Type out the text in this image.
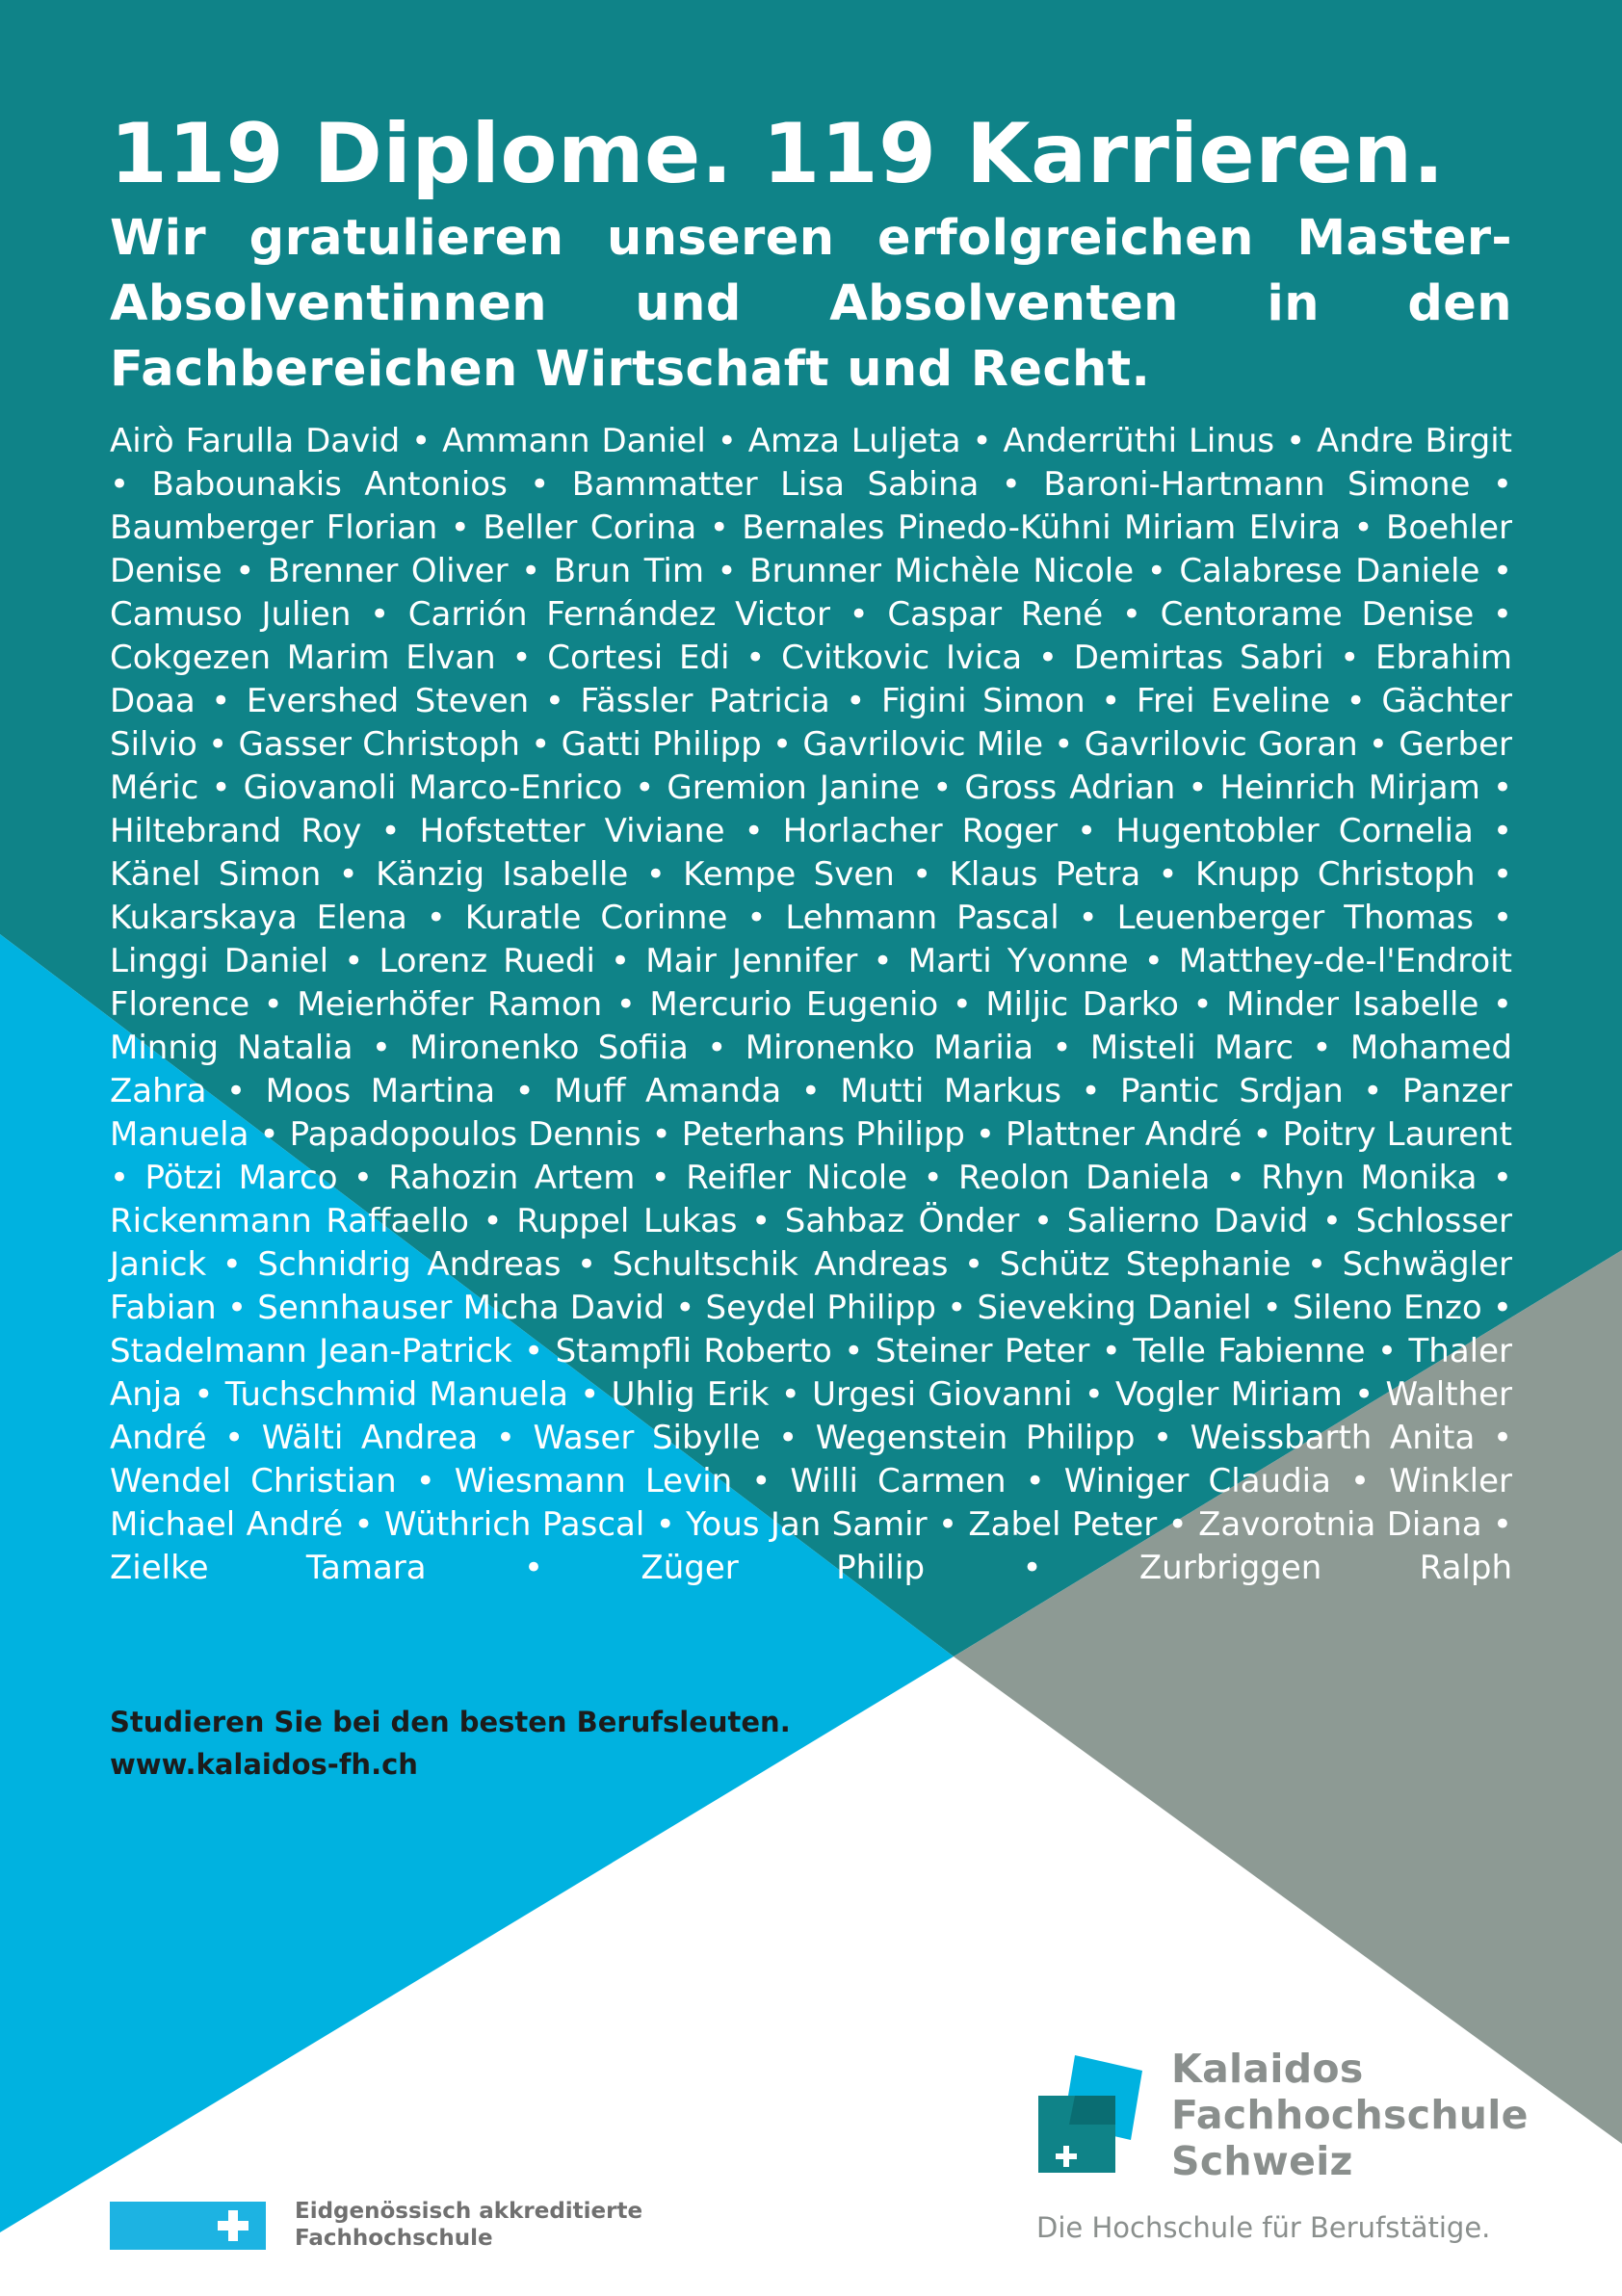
119 Diplome. 119 Karrieren.

Wir gratulieren unseren erfolgreichen Master-Absolventinnen und Absolventen in den Fachbereichen Wirtschaft und Recht.

Airò Farulla David • Ammann Daniel • Amza Luljeta • Anderrüthi Linus • Andre Birgit • Babounakis Antonios • Bammatter Lisa Sabina • Baroni-Hartmann Simone • Baumberger Florian • Beller Corina • Bernales Pinedo-Kühni Miriam Elvira • Boehler Denise • Brenner Oliver • Brun Tim • Brunner Michèle Nicole • Calabrese Daniele • Camuso Julien • Carrión Fernández Victor • Caspar René • Centorame Denise • Cokgezen Marim Elvan • Cortesi Edi • Cvitkovic Ivica • Demirtas Sabri • Ebrahim Doaa • Evershed Steven • Fässler Patricia • Figini Simon • Frei Eveline • Gächter Silvio • Gasser Christoph • Gatti Philipp • Gavrilovic Mile • Gavrilovic Goran • Gerber Méric • Giovanoli Marco-Enrico • Gremion Janine • Gross Adrian • Heinrich Mirjam • Hiltebrand Roy • Hofstetter Viviane • Horlacher Roger • Hugentobler Cornelia • Känel Simon • Känzig Isabelle • Kempe Sven • Klaus Petra • Knupp Christoph • Kukarskaya Elena • Kuratle Corinne • Lehmann Pascal • Leuenberger Thomas • Linggi Daniel • Lorenz Ruedi • Mair Jennifer • Marti Yvonne • Matthey-de-l'Endroit Florence • Meierhöfer Ramon • Mercurio Eugenio • Miljic Darko • Minder Isabelle • Minnig Natalia • Mironenko Sofiia • Mironenko Mariia • Misteli Marc • Mohamed Zahra • Moos Martina • Muff Amanda • Mutti Markus • Pantic Srdjan • Panzer Manuela • Papadopoulos Dennis • Peterhans Philipp • Plattner André • Poitry Laurent • Pötzi Marco • Rahozin Artem • Reifler Nicole • Reolon Daniela • Rhyn Monika • Rickenmann Raffaello • Ruppel Lukas • Sahbaz Önder • Salierno David • Schlosser Janick • Schnidrig Andreas • Schultschik Andreas • Schütz Stephanie • Schwägler Fabian • Sennhauser Micha David • Seydel Philipp • Sieveking Daniel • Sileno Enzo • Stadelmann Jean-Patrick • Stampfli Roberto • Steiner Peter • Telle Fabienne • Thaler Anja • Tuchschmid Manuela • Uhlig Erik • Urgesi Giovanni • Vogler Miriam • Walther André • Wälti Andrea • Waser Sibylle • Wegenstein Philipp • Weissbarth Anita • Wendel Christian • Wiesmann Levin • Willi Carmen • Winiger Claudia • Winkler Michael André • Wüthrich Pascal • Yous Jan Samir • Zabel Peter • Zavorotnia Diana • Zielke Tamara • Züger Philip • Zurbriggen Ralph

Studieren Sie bei den besten Berufsleuten.
www.kalaidos-fh.ch
Eidgenössisch akkreditierte
Fachhochschule
Kalaidos
Fachhochschule
Schweiz
Die Hochschule für Berufstätige.
